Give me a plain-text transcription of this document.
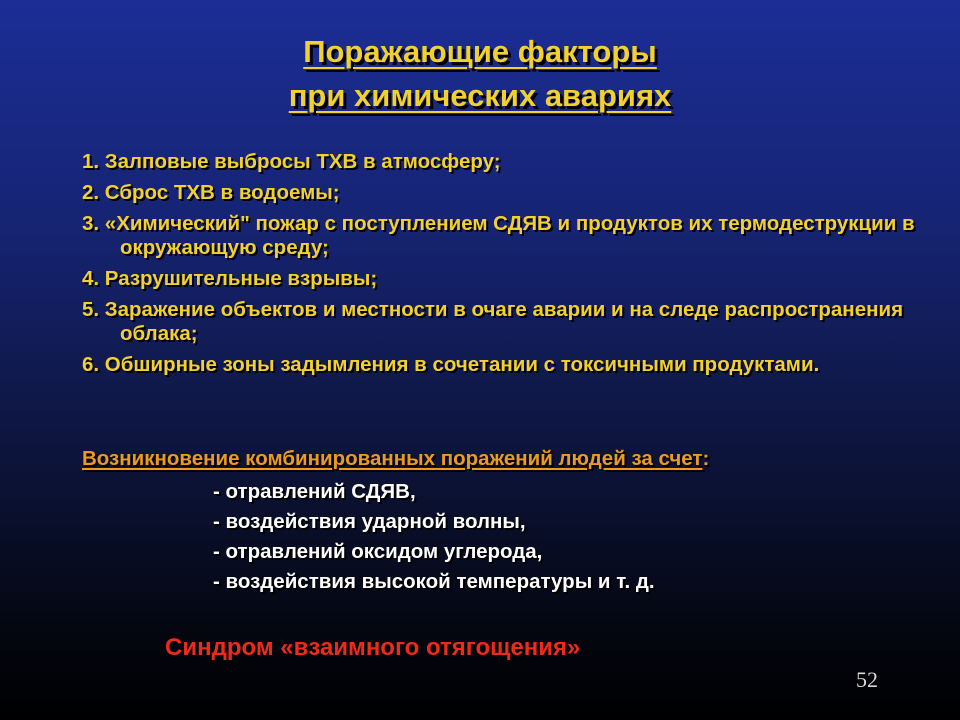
Поражающие факторы
при химических авариях
1. Залповые выбросы ТХВ в атмосферу;
2. Сброс ТХВ в водоемы;
3. «Химический" пожар с поступлением СДЯВ и продуктов их термодеструкции в окружающую среду;
4. Разрушительные взрывы;
5. Заражение объектов и местности в очаге аварии и на следе распространения облака;
6. Обширные зоны задымления в сочетании с токсичными продуктами.
Возникновение комбинированных поражений людей за счет:
- отравлений СДЯВ,
- воздействия ударной волны,
- отравлений оксидом углерода,
- воздействия высокой температуры и т. д.
Синдром «взаимного отягощения»
52
